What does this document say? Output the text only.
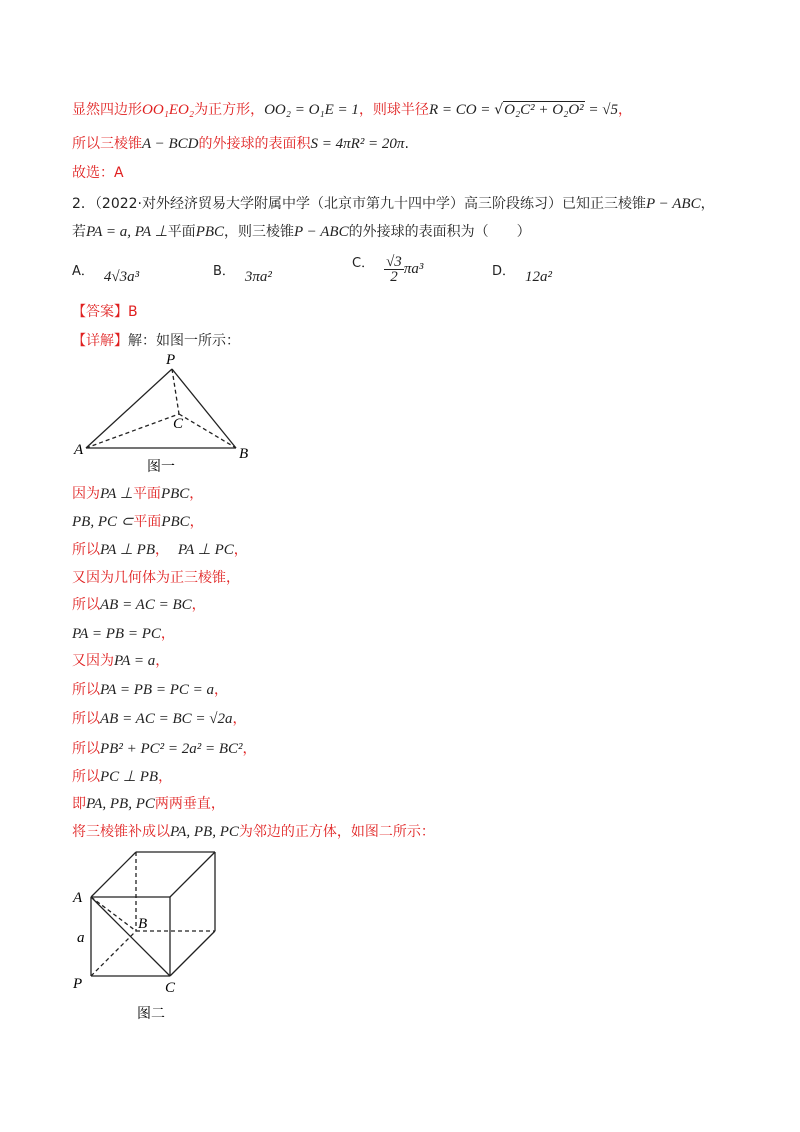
显然四边形OO₁EO₂为正方形，OO₂ = O₁E = 1，则球半径R = CO = √O₂C² + O₂O² = √5，
所以三棱锥A − BCD的外接球的表面积S = 4πR² = 20π.
故选：A
2．（2022·对外经济贸易大学附属中学（北京市第九十四中学）高三阶段练习）已知正三棱锥P − ABC，
若PA = a, PA ⊥平面PBC，则三棱锥P − ABC的外接球的表面积为（　　）
A． 4√3a³	B． 3πa²
C． $\frac{√3}{2} \pi a^3$	D． 12a²
【答案】B
【详解】解：如图一所示：
P
A	B
C
图一
因为PA ⊥平面PBC，
PB, PC ⊂平面PBC，
所以PA ⊥ PB， PA ⊥ PC，
又因为几何体为正三棱锥，
所以AB = AC = BC，
PA = PB = PC，
又因为PA = a，
所以PA = PB = PC = a，
所以AB = AC = BC = √2a，
所以PB² + PC² = 2a² = BC²，
所以PC ⊥ PB，
即PA, PB, PC两两垂直，
将三棱锥补成以PA, PB, PC为邻边的正方体，如图二所示：
A
a
B
P	C
图二
